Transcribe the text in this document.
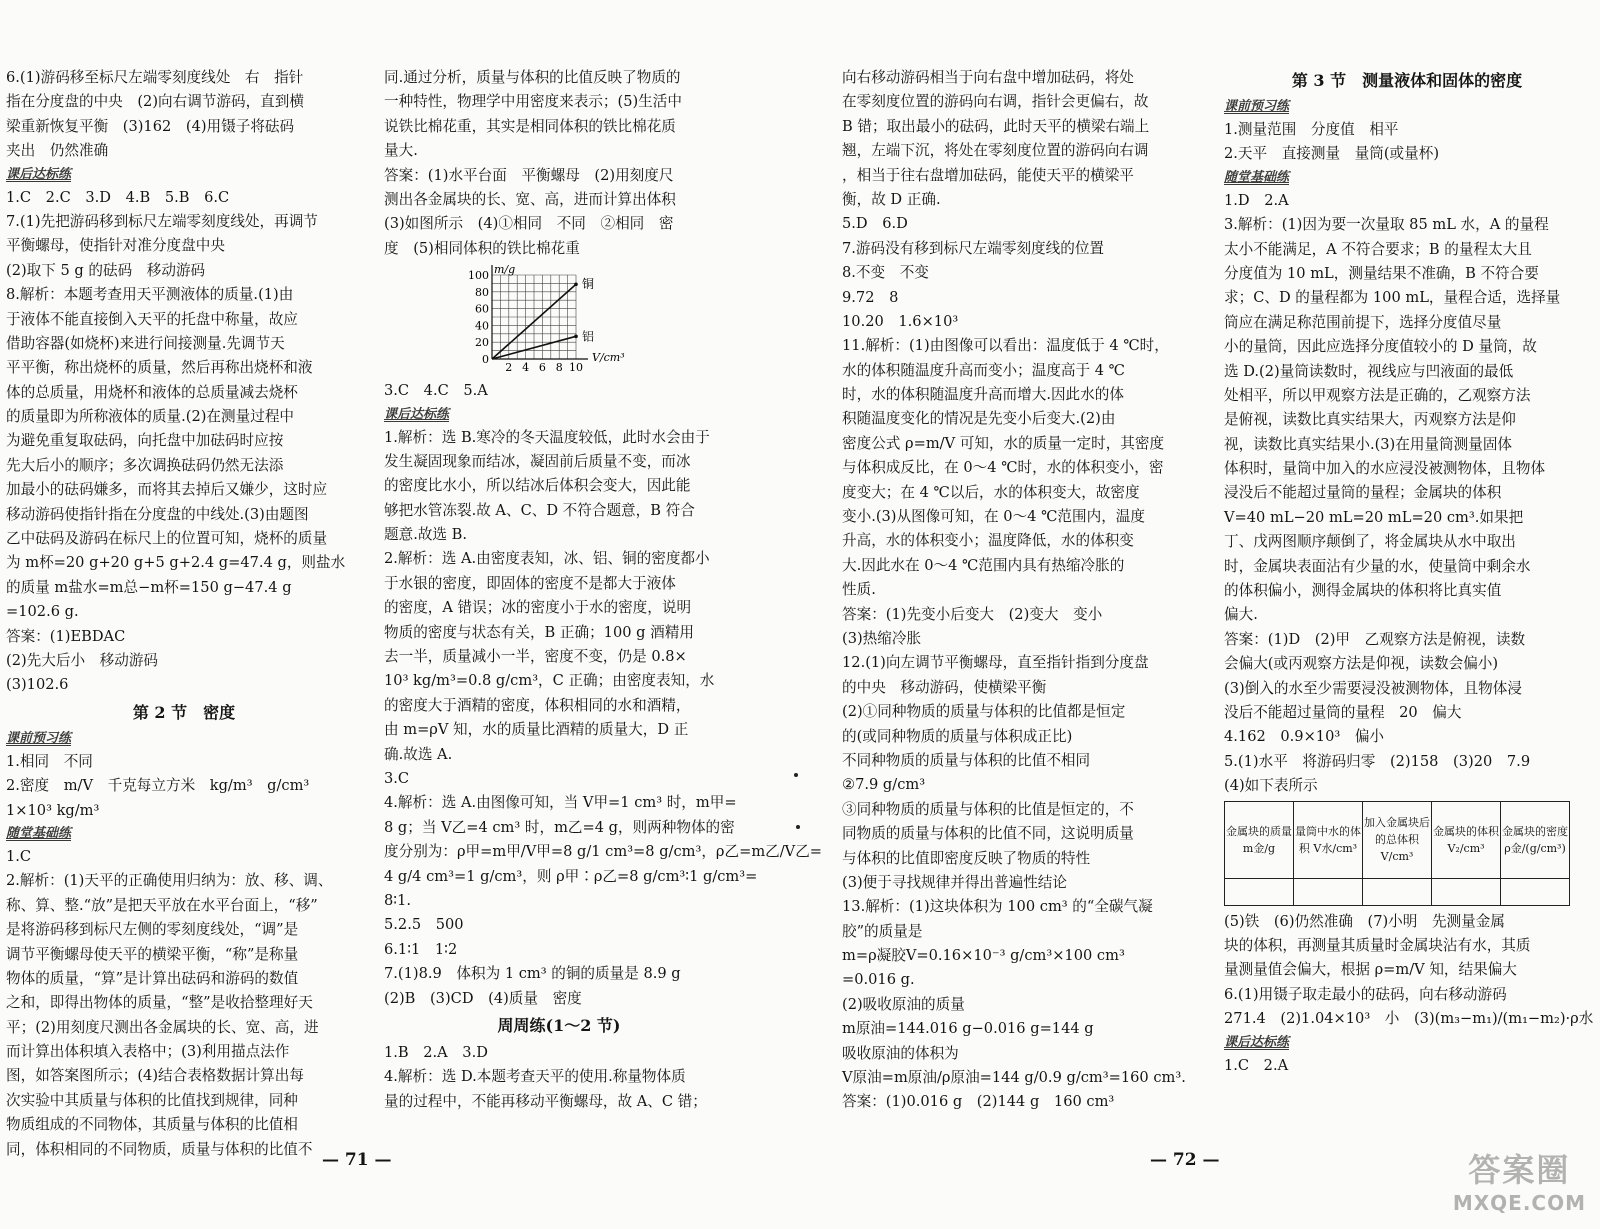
6.(1)游码移至标尺左端零刻度线处　右　指针
指在分度盘的中央　(2)向右调节游码，直到横
梁重新恢复平衡　(3)162　(4)用镊子将砝码
夹出　仍然准确
课后达标练
1.C　2.C　3.D　4.B　5.B　6.C
7.(1)先把游码移到标尺左端零刻度线处，再调节
平衡螺母，使指针对准分度盘中央
(2)取下 5 g 的砝码　移动游码
8.解析：本题考查用天平测液体的质量.(1)由
于液体不能直接倒入天平的托盘中称量，故应
借助容器(如烧杯)来进行间接测量.先调节天
平平衡，称出烧杯的质量，然后再称出烧杯和液
体的总质量，用烧杯和液体的总质量减去烧杯
的质量即为所称液体的质量.(2)在测量过程中
为避免重复取砝码，向托盘中加砝码时应按
先大后小的顺序；多次调换砝码仍然无法添
加最小的砝码嫌多，而将其去掉后又嫌少，这时应
移动游码使指针指在分度盘的中线处.(3)由题图
乙中砝码及游码在标尺上的位置可知，烧杯的质量
为 m杯=20 g+20 g+5 g+2.4 g=47.4 g，则盐水
的质量 m盐水=m总−m杯=150 g−47.4 g
=102.6 g.
答案：(1)EBDAC
(2)先大后小　移动游码
(3)102.6
第 2 节　密度
课前预习练
1.相同　不同
2.密度　m/V　千克每立方米　kg/m³　g/cm³
1×10³ kg/m³
随堂基础练
1.C
2.解析：(1)天平的正确使用归纳为：放、移、调、
称、算、整.“放”是把天平放在水平台面上，“移”
是将游码移到标尺左侧的零刻度线处，“调”是
调节平衡螺母使天平的横梁平衡，“称”是称量
物体的质量，“算”是计算出砝码和游码的数值
之和，即得出物体的质量，“整”是收拾整理好天
平；(2)用刻度尺测出各金属块的长、宽、高，进
而计算出体积填入表格中；(3)利用描点法作
图，如答案图所示；(4)结合表格数据计算出每
次实验中其质量与体积的比值找到规律，同种
物质组成的不同物体，其质量与体积的比值相
同，体积相同的不同物质，质量与体积的比值不
同.通过分析，质量与体积的比值反映了物质的
一种特性，物理学中用密度来表示；(5)生活中
说铁比棉花重，其实是相同体积的铁比棉花质
量大.
答案：(1)水平台面　平衡螺母　(2)用刻度尺
测出各金属块的长、宽、高，进而计算出体积
(3)如图所示　(4)①相同　不同　②相同　密
度　(5)相同体积的铁比棉花重
0
20
40
60
80
100
2 4 6 8 10
m/g
V/cm³
铜
铝
3.C　4.C　5.A
课后达标练
1.解析：选 B.寒冷的冬天温度较低，此时水会由于
发生凝固现象而结冰，凝固前后质量不变，而冰
的密度比水小，所以结冰后体积会变大，因此能
够把水管冻裂.故 A、C、D 不符合题意，B 符合
题意.故选 B.
2.解析：选 A.由密度表知，冰、铝、铜的密度都小
于水银的密度，即固体的密度不是都大于液体
的密度，A 错误；冰的密度小于水的密度，说明
物质的密度与状态有关，B 正确；100 g 酒精用
去一半，质量减小一半，密度不变，仍是 0.8×
10³ kg/m³=0.8 g/cm³，C 正确；由密度表知，水
的密度大于酒精的密度，体积相同的水和酒精，
由 m=ρV 知，水的质量比酒精的质量大，D 正
确.故选 A.
3.C
4.解析：选 A.由图像可知，当 V甲=1 cm³ 时，m甲=
8 g；当 V乙=4 cm³ 时，m乙=4 g，则两种物体的密
度分别为：ρ甲=m甲/V甲=8 g/1 cm³=8 g/cm³，ρ乙=m乙/V乙=
4 g/4 cm³=1 g/cm³，则 ρ甲∶ρ乙=8 g/cm³∶1 g/cm³=
8∶1.
5.2.5　500
6.1∶1　1∶2
7.(1)8.9　体积为 1 cm³ 的铜的质量是 8.9 g
(2)B　(3)CD　(4)质量　密度
周周练(1～2 节)
1.B　2.A　3.D
4.解析：选 D.本题考查天平的使用.称量物体质
量的过程中，不能再移动平衡螺母，故 A、C 错；
向右移动游码相当于向右盘中增加砝码，将处
在零刻度位置的游码向右调，指针会更偏右，故
B 错；取出最小的砝码，此时天平的横梁右端上
翘，左端下沉，将处在零刻度位置的游码向右调
，相当于往右盘增加砝码，能使天平的横梁平
衡，故 D 正确.
5.D　6.D
7.游码没有移到标尺左端零刻度线的位置
8.不变　不变
9.72　8
10.20　1.6×10³
11.解析：(1)由图像可以看出：温度低于 4 ℃时，
水的体积随温度升高而变小；温度高于 4 ℃
时，水的体积随温度升高而增大.因此水的体
积随温度变化的情况是先变小后变大.(2)由
密度公式 ρ=m/V 可知，水的质量一定时，其密度
与体积成反比，在 0～4 ℃时，水的体积变小，密
度变大；在 4 ℃以后，水的体积变大，故密度
变小.(3)从图像可知，在 0～4 ℃范围内，温度
升高，水的体积变小；温度降低，水的体积变
大.因此水在 0～4 ℃范围内具有热缩冷胀的
性质.
答案：(1)先变小后变大　(2)变大　变小
(3)热缩冷胀
12.(1)向左调节平衡螺母，直至指针指到分度盘
的中央　移动游码，使横梁平衡
(2)①同种物质的质量与体积的比值都是恒定
的(或同种物质的质量与体积成正比)
不同种物质的质量与体积的比值不相同
②7.9 g/cm³
③同种物质的质量与体积的比值是恒定的，不
同物质的质量与体积的比值不同，这说明质量
与体积的比值即密度反映了物质的特性
(3)便于寻找规律并得出普遍性结论
13.解析：(1)这块体积为 100 cm³ 的“全碳气凝
胶”的质量是
m=ρ凝胶V=0.16×10⁻³ g/cm³×100 cm³
=0.016 g.
(2)吸收原油的质量
m原油=144.016 g−0.016 g=144 g
吸收原油的体积为
V原油=m原油/ρ原油=144 g/0.9 g/cm³=160 cm³.
答案：(1)0.016 g　(2)144 g　160 cm³
第 3 节　测量液体和固体的密度
课前预习练
1.测量范围　分度值　相平
2.天平　直接测量　量筒(或量杯)
随堂基础练
1.D　2.A
3.解析：(1)因为要一次量取 85 mL 水，A 的量程
太小不能满足，A 不符合要求；B 的量程太大且
分度值为 10 mL，测量结果不准确，B 不符合要
求；C、D 的量程都为 100 mL，量程合适，选择量
筒应在满足称范围前提下，选择分度值尽量
小的量筒，因此应选择分度值较小的 D 量筒，故
选 D.(2)量筒读数时，视线应与凹液面的最低
处相平，所以甲观察方法是正确的，乙观察方法
是俯视，读数比真实结果大，丙观察方法是仰
视，读数比真实结果小.(3)在用量筒测量固体
体积时，量筒中加入的水应浸没被测物体，且物体
浸没后不能超过量筒的量程；金属块的体积
V=40 mL−20 mL=20 mL=20 cm³.如果把
丁、戊两图顺序颠倒了，将金属块从水中取出
时，金属块表面沾有少量的水，使量筒中剩余水
的体积偏小，测得金属块的体积将比真实值
偏大.
答案：(1)D　(2)甲　乙观察方法是俯视，读数
会偏大(或丙观察方法是仰视，读数会偏小)
(3)倒入的水至少需要浸没被测物体，且物体浸
没后不能超过量筒的量程　20　偏大
4.162　0.9×10³　偏小
5.(1)水平　将游码归零　(2)158　(3)20　7.9
(4)如下表所示
金属块的质量 m金/g	量筒中水的体积 V水/cm³	加入金属块后的总体积 V/cm³	金属块的体积 V₂/cm³	金属块的密度 ρ金/(g/cm³)

(5)铁　(6)仍然准确　(7)小明　先测量金属
块的体积，再测量其质量时金属块沾有水，其质
量测量值会偏大，根据 ρ=m/V 知，结果偏大
6.(1)用镊子取走最小的砝码，向右移动游码
271.4　(2)1.04×10³　小　(3)(m₃−m₁)/(m₁−m₂)·ρ水
课后达标练
1.C　2.A
— 71 —	— 72 —	答案圈
MXQE.COM
